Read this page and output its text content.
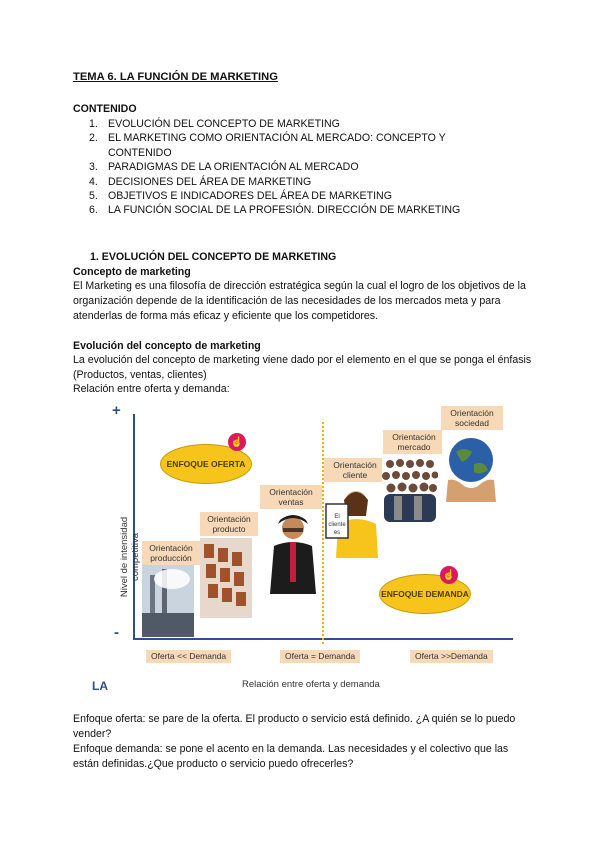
TEMA 6. LA FUNCIÓN DE MARKETING
CONTENIDO
1. EVOLUCIÓN DEL CONCEPTO DE MARKETING
2. EL MARKETING COMO ORIENTACIÓN AL MERCADO: CONCEPTO Y
CONTENIDO
3. PARADIGMAS DE LA ORIENTACIÓN AL MERCADO
4. DECISIONES DEL ÁREA DE MARKETING
5. OBJETIVOS E INDICADORES DEL ÁREA DE MARKETING
6. LA FUNCIÓN SOCIAL DE LA PROFESIÓN. DIRECCIÓN DE MARKETING
1. EVOLUCIÓN DEL CONCEPTO DE MARKETING
Concepto de marketing
El Marketing es una filosofía de dirección estratégica según la cual el logro de los objetivos de la organización depende de la identificación de las necesidades de los mercados meta y para atenderlas de forma más eficaz y eficiente que los competidores.
Evolución del concepto de marketing
La evolución del concepto de marketing viene dado por el elemento en el que se ponga el énfasis (Productos, ventas, clientes)
Relación entre oferta y demanda:
+
-
Nivel de intensidad competitiva
ENFOQUE OFERTA
☝
ENFOQUE DEMANDA
☝
Orientación producción
Orientación producto
Orientación ventas
Orientación cliente
Orientación mercado
Orientación sociedad
El
cliente
es
Oferta << Demanda	Oferta = Demanda	Oferta >>Demanda
Relación entre oferta y demanda
LA
Enfoque oferta: se pare de la oferta. El producto o servicio está definido. ¿A quién se lo puedo vender?
Enfoque demanda: se pone el acento en la demanda. Las necesidades y el colectivo que las están definidas.¿Que producto o servicio puedo ofrecerles?
